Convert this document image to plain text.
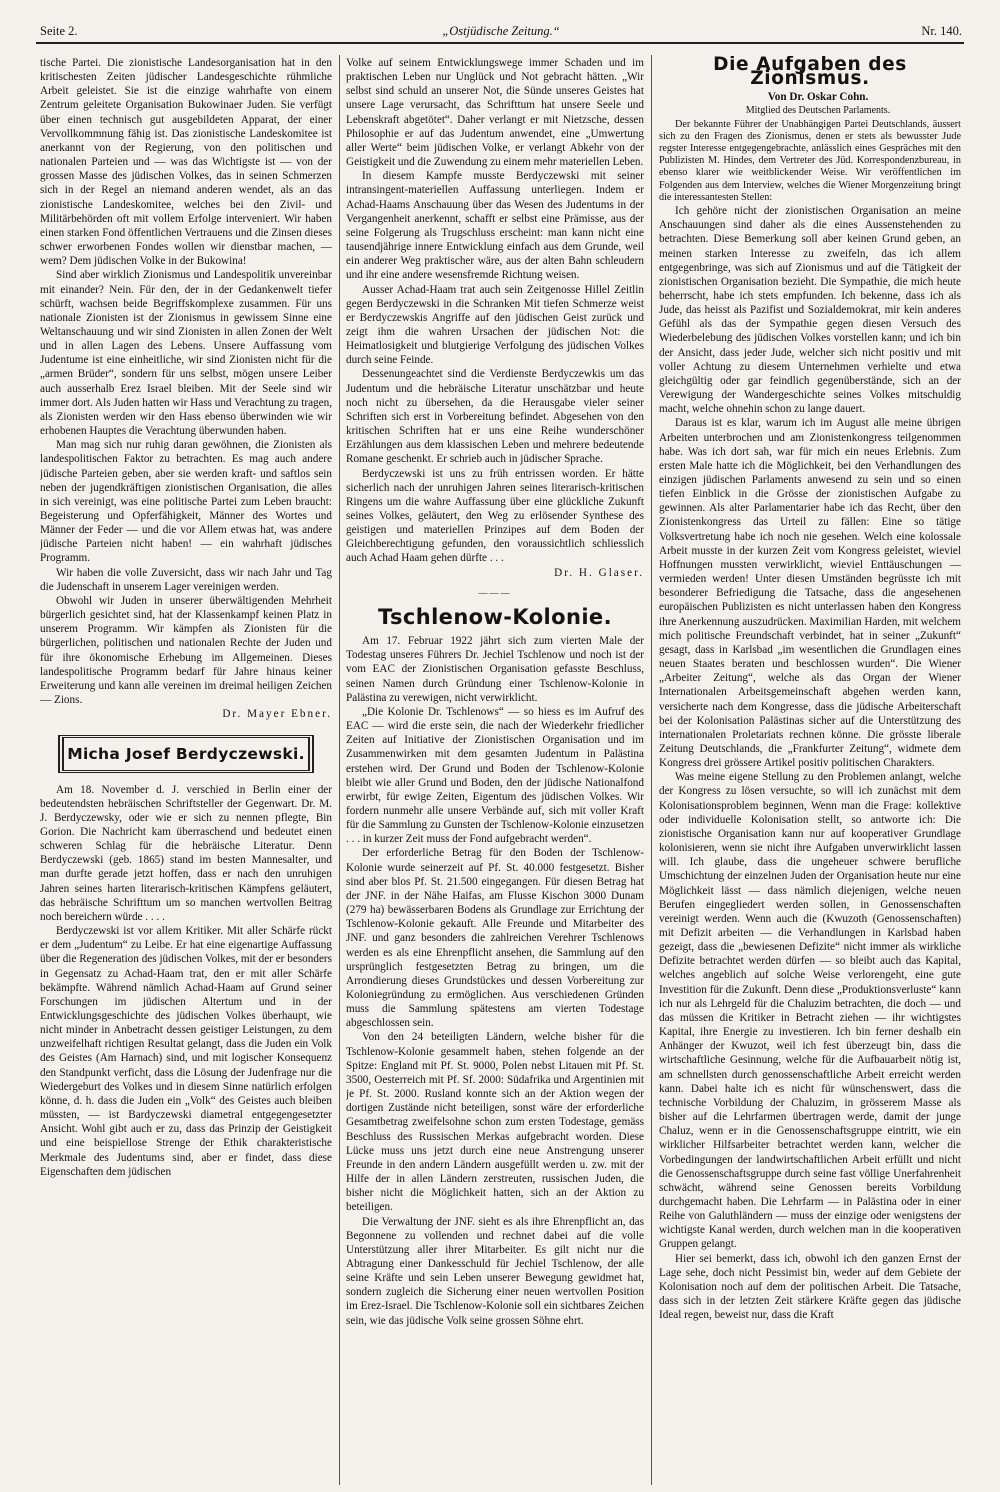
Seite 2.	„Ostjüdische Zeitung.“	Nr. 140.

tische Partei. Die zionistische Landesorganisation hat in den kritischesten Zeiten jüdischer Landesgeschichte rühmliche Arbeit geleistet. Sie ist die einzige wahrhafte von einem Zentrum geleitete Organisation Bukowinaer Juden. Sie verfügt über einen technisch gut ausgebildeten Apparat, der einer Vervollkommnung fähig ist. Das zionistische Landeskomitee ist anerkannt von der Regierung, von den politischen und nationalen Parteien und — was das Wichtigste ist — von der grossen Masse des jüdischen Volkes, das in seinen Schmerzen sich in der Regel an niemand anderen wendet, als an das zionistische Landeskomitee, welches bei den Zivil- und Militärbehörden oft mit vollem Erfolge interveniert. Wir haben einen starken Fond öffentlichen Vertrauens und die Zinsen dieses schwer erworbenen Fondes wollen wir dienstbar machen, — wem? Dem jüdischen Volke in der Bukowina!

Sind aber wirklich Zionismus und Landespolitik unvereinbar mit einander? Nein. Für den, der in der Gedankenwelt tiefer schürft, wachsen beide Begriffskomplexe zusammen. Für uns nationale Zionisten ist der Zionismus in gewissem Sinne eine Weltanschauung und wir sind Zionisten in allen Zonen der Welt und in allen Lagen des Lebens. Unsere Auffassung vom Judentume ist eine einheitliche, wir sind Zionisten nicht für die „armen Brüder“, sondern für uns selbst, mögen unsere Leiber auch ausserhalb Erez Israel bleiben. Mit der Seele sind wir immer dort. Als Juden hatten wir Hass und Verachtung zu tragen, als Zionisten werden wir den Hass ebenso überwinden wie wir erhobenen Hauptes die Verachtung überwunden haben.

Man mag sich nur ruhig daran gewöhnen, die Zionisten als landespolitischen Faktor zu betrachten. Es mag auch andere jüdische Parteien geben, aber sie werden kraft- und saftlos sein neben der jugendkräftigen zionistischen Organisation, die alles in sich vereinigt, was eine politische Partei zum Leben braucht: Begeisterung und Opferfähigkeit, Männer des Wortes und Männer der Feder — und die vor Allem etwas hat, was andere jüdische Parteien nicht haben! — ein wahrhaft jüdisches Programm.

Wir haben die volle Zuversicht, dass wir nach Jahr und Tag die Judenschaft in unserem Lager vereinigen werden.

Obwohl wir Juden in unserer überwältigenden Mehrheit bürgerlich gesichtet sind, hat der Klassenkampf keinen Platz in unserem Programm. Wir kämpfen als Zionisten für die bürgerlichen, politischen und nationalen Rechte der Juden und für ihre ökonomische Erhebung im Allgemeinen. Dieses landespolitische Programm bedarf für Jahre hinaus keiner Erweiterung und kann alle vereinen im dreimal heiligen Zeichen — Zions.

Dr. Mayer Ebner.

Micha Josef Berdyczewski.

Am 18. November d. J. verschied in Berlin einer der bedeutendsten hebräischen Schriftsteller der Gegenwart. Dr. M. J. Berdyczewsky, oder wie er sich zu nennen pflegte, Bin Gorion. Die Nachricht kam überraschend und bedeutet einen schweren Schlag für die hebräische Literatur. Denn Berdyczewski (geb. 1865) stand im besten Mannesalter, und man durfte gerade jetzt hoffen, dass er nach den unruhigen Jahren seines harten literarisch-kritischen Kämpfens geläutert, das hebräische Schrifttum um so manchen wertvollen Beitrag noch bereichern würde . . . .

Berdyczewski ist vor allem Kritiker. Mit aller Schärfe rückt er dem „Judentum“ zu Leibe. Er hat eine eigenartige Auffassung über die Regeneration des jüdischen Volkes, mit der er besonders in Gegensatz zu Achad-Haam trat, den er mit aller Schärfe bekämpfte. Während nämlich Achad-Haam auf Grund seiner Forschungen im jüdischen Altertum und in der Entwicklungsgeschichte des jüdischen Volkes überhaupt, wie nicht minder in Anbetracht dessen geistiger Leistungen, zu dem unzweifelhaft richtigen Resultat gelangt, dass die Juden ein Volk des Geistes (Am Harnach) sind, und mit logischer Konsequenz den Standpunkt verficht, dass die Lösung der Judenfrage nur die Wiedergeburt des Volkes und in diesem Sinne natürlich erfolgen könne, d. h. dass die Juden ein „Volk“ des Geistes auch bleiben müssten, — ist Bardyczewski diametral entgegengesetzter Ansicht. Wohl gibt auch er zu, dass das Prinzip der Geistigkeit und eine beispiellose Strenge der Ethik charakteristische Merkmale des Judentums sind, aber er findet, dass diese Eigenschaften dem jüdischen

Volke auf seinem Entwicklungswege immer Schaden und im praktischen Leben nur Unglück und Not gebracht hätten. „Wir selbst sind schuld an unserer Not, die Sünde unseres Geistes hat unsere Lage verursacht, das Schrifttum hat unsere Seele und Lebenskraft abgetötet“. Daher verlangt er mit Nietzsche, dessen Philosophie er auf das Judentum anwendet, eine „Umwertung aller Werte“ beim jüdischen Volke, er verlangt Abkehr von der Geistigkeit und die Zuwendung zu einem mehr materiellen Leben.

In diesem Kampfe musste Berdyczewski mit seiner intransingent-materiellen Auffassung unterliegen. Indem er Achad-Haams Anschauung über das Wesen des Judentums in der Vergangenheit anerkennt, schafft er selbst eine Prämisse, aus der seine Folgerung als Trugschluss erscheint: man kann nicht eine tausendjährige innere Entwicklung einfach aus dem Grunde, weil ein anderer Weg praktischer wäre, aus der alten Bahn schleudern und ihr eine andere wesensfremde Richtung weisen.

Ausser Achad-Haam trat auch sein Zeitgenosse Hillel Zeitlin gegen Berdyczewski in die Schranken Mit tiefen Schmerze weist er Berdyczewskis Angriffe auf den jüdischen Geist zurück und zeigt ihm die wahren Ursachen der jüdischen Not: die Heimatlosigkeit und blutgierige Verfolgung des jüdischen Volkes durch seine Feinde.

Dessenungeachtet sind die Verdienste Berdyczewkis um das Judentum und die hebräische Literatur unschätzbar und heute noch nicht zu übersehen, da die Herausgabe vieler seiner Schriften sich erst in Vorbereitung befindet. Abgesehen von den kritischen Schriften hat er uns eine Reihe wunderschöner Erzählungen aus dem klassischen Leben und mehrere bedeutende Romane geschenkt. Er schrieb auch in jüdischer Sprache.

Berdyczewski ist uns zu früh entrissen worden. Er hätte sicherlich nach der unruhigen Jahren seines literarisch-kritischen Ringens um die wahre Auffassung über eine glückliche Zukunft seines Volkes, geläutert, den Weg zu erlösender Synthese des geistigen und materiellen Prinzipes auf dem Boden der Gleichberechtigung gefunden, den voraussichtlich schliesslich auch Achad Haam gehen dürfte . . .

Dr. H. Glaser.

―――
Tschlenow-Kolonie.

Am 17. Februar 1922 jährt sich zum vierten Male der Todestag unseres Führers Dr. Jechiel Tschlenow und noch ist der vom EAC der Zionistischen Organisation gefasste Beschluss, seinen Namen durch Gründung einer Tschlenow-Kolonie in Palästina zu verewigen, nicht verwirklicht.

„Die Kolonie Dr. Tschlenows“ — so hiess es im Aufruf des EAC — wird die erste sein, die nach der Wiederkehr friedlicher Zeiten auf Initiative der Zionistischen Organisation und im Zusammenwirken mit dem gesamten Judentum in Palästina erstehen wird. Der Grund und Boden der Tschlenow-Kolonie bleibt wie aller Grund und Boden, den der jüdische Nationalfond erwirbt, für ewige Zeiten, Eigentum des jüdischen Volkes. Wir fordern nunmehr alle unsere Verbände auf, sich mit voller Kraft für die Sammlung zu Gunsten der Tschlenow-Kolonie einzusetzen . . . in kurzer Zeit muss der Fond aufgebracht werden“.

Der erforderliche Betrag für den Boden der Tschlenow-Kolonie wurde seinerzeit auf Pf. St. 40.000 festgesetzt. Bisher sind aber blos Pf. St. 21.500 eingegangen. Für diesen Betrag hat der JNF. in der Nähe Haifas, am Flusse Kischon 3000 Dunam (279 ha) bewässerbaren Bodens als Grundlage zur Errichtung der Tschlenow-Kolonie gekauft. Alle Freunde und Mitarbeiter des JNF. und ganz besonders die zahlreichen Verehrer Tschlenows werden es als eine Ehrenpflicht ansehen, die Sammlung auf den ursprünglich festgesetzten Betrag zu bringen, um die Arrondierung dieses Grundstückes und dessen Vorbereitung zur Koloniegründung zu ermöglichen. Aus verschiedenen Gründen muss die Sammlung spätestens am vierten Todestage abgeschlossen sein.

Von den 24 beteiligten Ländern, welche bisher für die Tschlenow-Kolonie gesammelt haben, stehen folgende an der Spitze: England mit Pf. St. 9000, Polen nebst Litauen mit Pf. St. 3500, Oesterreich mit Pf. Sf. 2000: Südafrika und Argentinien mit je Pf. St. 2000. Rusland konnte sich an der Aktion wegen der dortigen Zustände nicht beteiligen, sonst wäre der erforderliche Gesamtbetrag zweifelsohne schon zum ersten Todestage, gemäss Beschluss des Russischen Merkas aufgebracht worden. Diese Lücke muss uns jetzt durch eine neue Anstrengung unserer Freunde in den andern Ländern ausgefüllt werden u. zw. mit der Hilfe der in allen Ländern zerstreuten, russischen Juden, die bisher nicht die Möglichkeit hatten, sich an der Aktion zu beteiligen.

Die Verwaltung der JNF. sieht es als ihre Ehrenpflicht an, das Begonnene zu vollenden und rechnet dabei auf die volle Unterstützung aller ihrer Mitarbeiter. Es gilt nicht nur die Abtragung einer Dankesschuld für Jechiel Tschlenow, der alle seine Kräfte und sein Leben unserer Bewegung gewidmet hat, sondern zugleich die Sicherung einer neuen wertvollen Position im Erez-Israel. Die Tschlenow-Kolonie soll ein sichtbares Zeichen sein, wie das jüdische Volk seine grossen Söhne ehrt.

Die Aufgaben des Zionismus.

Von Dr. Oskar Cohn.

Mitglied des Deutschen Parlaments.

Der bekannte Führer der Unabhängigen Partei Deutschlands, äussert sich zu den Fragen des Zionismus, denen er stets als bewusster Jude regster Interesse entgegengebrachte, anlässlich eines Gespräches mit den Publizisten M. Hindes, dem Vertreter des Jüd. Korrespondenzbureau, in ebenso klarer wie weitblickender Weise. Wir veröffentlichen im Folgenden aus dem Interview, welches die Wiener Morgenzeitung bringt die interessantesten Stellen:

Ich gehöre nicht der zionistischen Organisation an meine Anschauungen sind daher als die eines Aussenstehenden zu betrachten. Diese Bemerkung soll aber keinen Grund geben, an meinen starken Interesse zu zweifeln, das ich allem entgegenbringe, was sich auf Zionismus und auf die Tätigkeit der zionistischen Organisation bezieht. Die Sympathie, die mich heute beherrscht, habe ich stets empfunden. Ich bekenne, dass ich als Jude, das heisst als Pazifist und Sozialdemokrat, mir kein anderes Gefühl als das der Sympathie gegen diesen Versuch des Wiederbelebung des jüdischen Volkes vorstellen kann; und ich bin der Ansicht, dass jeder Jude, welcher sich nicht positiv und mit voller Achtung zu diesem Unternehmen verhielte und etwa gleichgültig oder gar feindlich gegenüberstände, sich an der Verewigung der Wandergeschichte seines Volkes mitschuldig macht, welche ohnehin schon zu lange dauert.

Daraus ist es klar, warum ich im August alle meine übrigen Arbeiten unterbrochen und am Zionistenkongress teilgenommen habe. Was ich dort sah, war für mich ein neues Erlebnis. Zum ersten Male hatte ich die Möglichkeit, bei den Verhandlungen des einzigen jüdischen Parlaments anwesend zu sein und so einen tiefen Einblick in die Grösse der zionistischen Aufgabe zu gewinnen. Als alter Parlamentarier habe ich das Recht, über den Zionistenkongress das Urteil zu fällen: Eine so tätige Volksvertretung habe ich noch nie gesehen. Welch eine kolossale Arbeit musste in der kurzen Zeit vom Kongress geleistet, wieviel Hoffnungen mussten verwirklicht, wieviel Enttäuschungen — vermieden werden! Unter diesen Umständen begrüsste ich mit besonderer Befriedigung die Tatsache, dass die angesehenen europäischen Publizisten es nicht unterlassen haben den Kongress ihre Anerkennung auszudrücken. Maximilian Harden, mit welchem mich politische Freundschaft verbindet, hat in seiner „Zukunft“ gesagt, dass in Karlsbad „im wesentlichen die Grundlagen eines neuen Staates beraten und beschlossen wurden“. Die Wiener „Arbeiter Zeitung“, welche als das Organ der Wiener Internationalen Arbeitsgemeinschaft abgehen werden kann, versicherte nach dem Kongresse, dass die jüdische Arbeiterschaft bei der Kolonisation Palästinas sicher auf die Unterstützung des internationalen Proletariats rechnen könne. Die grösste liberale Zeitung Deutschlands, die „Frankfurter Zeitung“, widmete dem Kongress drei grössere Artikel positiv politischen Charakters.

Was meine eigene Stellung zu den Problemen anlangt, welche der Kongress zu lösen versuchte, so will ich zunächst mit dem Kolonisationsproblem beginnen, Wenn man die Frage: kollektive oder individuelle Kolonisation stellt, so antworte ich: Die zionistische Organisation kann nur auf kooperativer Grundlage kolonisieren, wenn sie nicht ihre Aufgaben unverwirklicht lassen will. Ich glaube, dass die ungeheuer schwere berufliche Umschichtung der einzelnen Juden der Organisation heute nur eine Möglichkeit lässt — dass nämlich diejenigen, welche neuen Berufen eingegliedert werden sollen, in Genossenschaften vereinigt werden. Wenn auch die (Kwuzoth (Genossenschaften) mit Defizit arbeiten — die Verhandlungen in Karlsbad haben gezeigt, dass die „bewiesenen Defizite“ nicht immer als wirkliche Defizite betrachtet werden dürfen — so bleibt auch das Kapital, welches angeblich auf solche Weise verlorengeht, eine gute Investition für die Zukunft. Denn diese „Produktionsverluste“ kann ich nur als Lehrgeld für die Chaluzim betrachten, die doch — und das müssen die Kritiker in Betracht ziehen — ihr wichtigstes Kapital, ihre Energie zu investieren. Ich bin ferner deshalb ein Anhänger der Kwuzot, weil ich fest überzeugt bin, dass die wirtschaftliche Gesinnung, welche für die Aufbauarbeit nötig ist, am schnellsten durch genossenschaftliche Arbeit erreicht werden kann. Dabei halte ich es nicht für wünschenswert, dass die technische Vorbildung der Chaluzim, in grösserem Masse als bisher auf die Lehrfarmen übertragen werde, damit der junge Chaluz, wenn er in die Genossenschaftsgruppe eintritt, wie ein wirklicher Hilfsarbeiter betrachtet werden kann, welcher die Vorbedingungen der landwirtschaftlichen Arbeit erfüllt und nicht die Genossenschaftsgruppe durch seine fast völlige Unerfahrenheit schwächt, während seine Genossen bereits Vorbildung durchgemacht haben. Die Lehrfarm — in Palästina oder in einer Reihe von Galuthländern — muss der einzige oder wenigstens der wichtigste Kanal werden, durch welchen man in die kooperativen Gruppen gelangt.

Hier sei bemerkt, dass ich, obwohl ich den ganzen Ernst der Lage sehe, doch nicht Pessimist bin, weder auf dem Gebiete der Kolonisation noch auf dem der politischen Arbeit. Die Tatsache, dass sich in der letzten Zeit stärkere Kräfte gegen das jüdische Ideal regen, beweist nur, dass die Kraft
